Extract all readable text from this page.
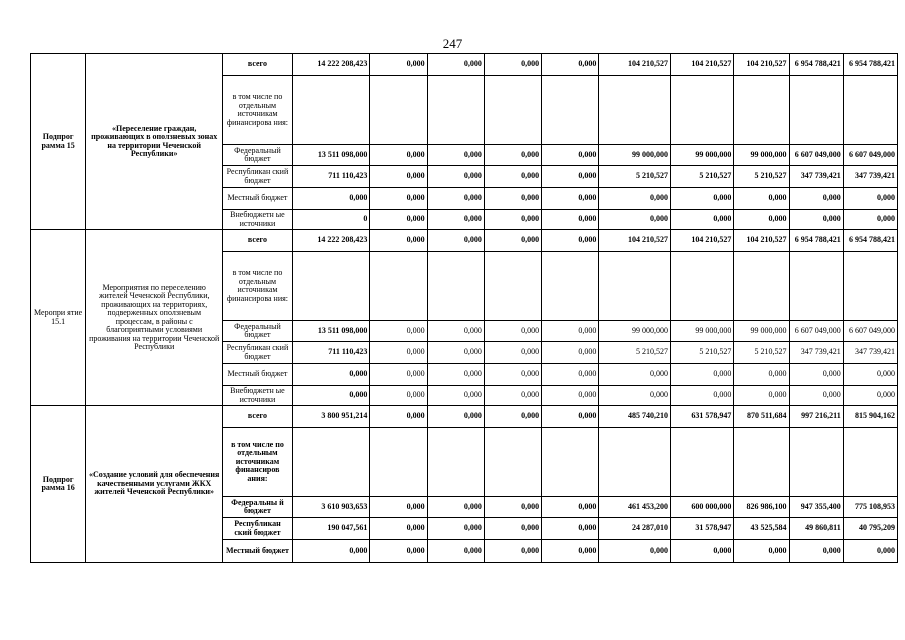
247
Подпрог рамма 15	«Переселение граждан, проживающих в оползневых зонах на территории Чеченской Республики»	всего	14 222 208,423	0,000	0,000	0,000	0,000	104 210,527	104 210,527	104 210,527	6 954 788,421	6 954 788,421
		в том числе по отдельным источникам финансирова ния:										
		Федеральный бюджет	13 511 098,000	0,000	0,000	0,000	0,000	99 000,000	99 000,000	99 000,000	6 607 049,000	6 607 049,000
		Республикан ский бюджет	711 110,423	0,000	0,000	0,000	0,000	5 210,527	5 210,527	5 210,527	347 739,421	347 739,421
		Местный бюджет	0,000	0,000	0,000	0,000	0,000	0,000	0,000	0,000	0,000	0,000
		Внебюджетн ые источники	0	0,000	0,000	0,000	0,000	0,000	0,000	0,000	0,000	0,000
Меропри ятие 15.1	Мероприятия по переселению жителей Чеченской Республики, проживающих на территориях, подверженных оползневым процессам, в районы с благоприятными условиями проживания на территории Чеченской Республики	всего	14 222 208,423	0,000	0,000	0,000	0,000	104 210,527	104 210,527	104 210,527	6 954 788,421	6 954 788,421
		в том числе по отдельным источникам финансирова ния:										
		Федеральный бюджет	13 511 098,000	0,000	0,000	0,000	0,000	99 000,000	99 000,000	99 000,000	6 607 049,000	6 607 049,000
		Республикан ский бюджет	711 110,423	0,000	0,000	0,000	0,000	5 210,527	5 210,527	5 210,527	347 739,421	347 739,421
		Местный бюджет	0,000	0,000	0,000	0,000	0,000	0,000	0,000	0,000	0,000	0,000
		Внебюджетн ые источники	0,000	0,000	0,000	0,000	0,000	0,000	0,000	0,000	0,000	0,000
Подпрог рамма 16	«Создание условий для обеспечения качественными услугами ЖКХ жителей Чеченской Республики»	всего	3 800 951,214	0,000	0,000	0,000	0,000	485 740,210	631 578,947	870 511,684	997 216,211	815 904,162
		в том числе по отдельным источникам финансиров ания:										
		Федеральны й бюджет	3 610 903,653	0,000	0,000	0,000	0,000	461 453,200	600 000,000	826 986,100	947 355,400	775 108,953
		Республикан ский бюджет	190 047,561	0,000	0,000	0,000	0,000	24 287,010	31 578,947	43 525,584	49 860,811	40 795,209
		Местный бюджет	0,000	0,000	0,000	0,000	0,000	0,000	0,000	0,000	0,000	0,000
